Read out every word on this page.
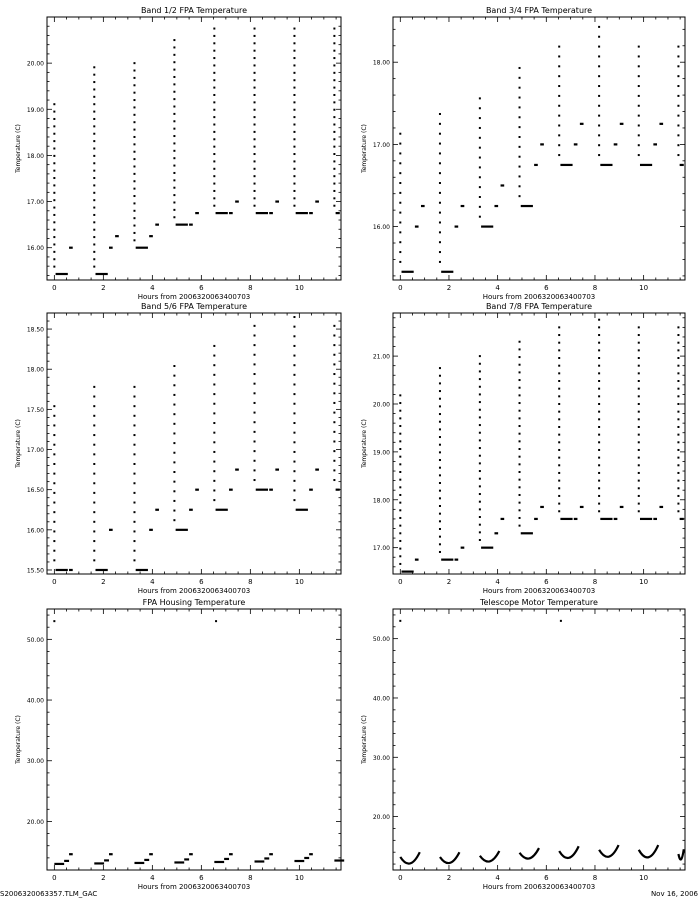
Band 1/2 FPA Temperature
Hours from 2006320063400703
Temperature (C)
0	2	4	6	8	10
16.00
17.00
18.00
19.00
20.00
Band 3/4 FPA Temperature
Hours from 2006320063400703
Temperature (C)
0	2	4	6	8	10
16.00
17.00
18.00
Band 5/6 FPA Temperature
Hours from 2006320063400703
Temperature (C)
0	2	4	6	8	10
15.50
16.00
16.50
17.00
17.50
18.00
18.50
Band 7/8 FPA Temperature
Hours from 2006320063400703
Temperature (C)
0	2	4	6	8	10
17.00
18.00
19.00
20.00
21.00
FPA Housing Temperature
Hours from 2006320063400703
Temperature (C)
0	2	4	6	8	10
20.00
30.00
40.00
50.00
Telescope Motor Temperature
Hours from 2006320063400703
Temperature (C)
0	2	4	6	8	10
20.00
30.00
40.00
50.00
S2006320063357.TLM_GAC	Nov 16, 2006
